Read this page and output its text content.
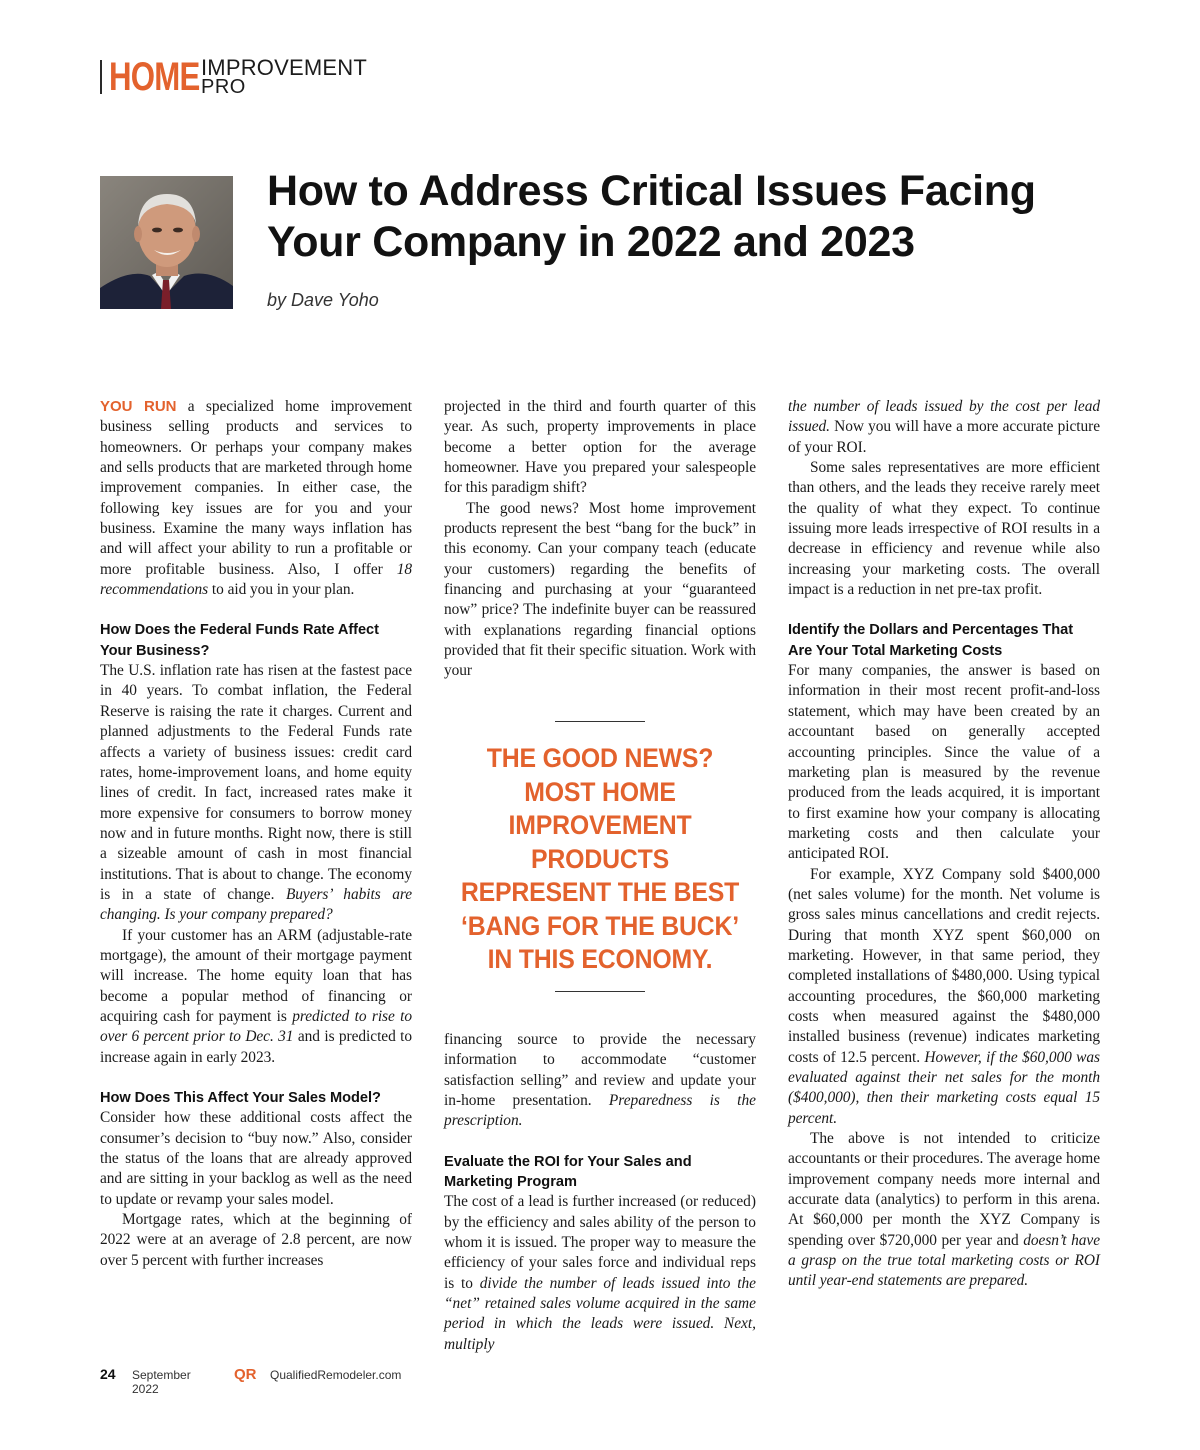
HOME IMPROVEMENT
PRO
How to Address Critical Issues Facing
Your Company in 2022 and 2023
by Dave Yoho

YOU RUN a specialized home improvement business selling products and services to homeowners. Or perhaps your company makes and sells products that are marketed through home improvement companies. In either case, the following key issues are for you and your business. Examine the many ways inflation has and will affect your ability to run a profitable or more profitable business. Also, I offer 18 recommendations to aid you in your plan.

How Does the Federal Funds Rate Affect Your Business?

The U.S. inflation rate has risen at the fastest pace in 40 years. To combat inflation, the Federal Reserve is raising the rate it charges. Current and planned adjustments to the Federal Funds rate affects a variety of business issues: credit card rates, home-improvement loans, and home equity lines of credit. In fact, increased rates make it more expensive for consumers to borrow money now and in future months. Right now, there is still a sizeable amount of cash in most financial institutions. That is about to change. The economy is in a state of change. Buyers’ habits are changing. Is your company prepared?

If your customer has an ARM (adjustable-rate mortgage), the amount of their mortgage payment will increase. The home equity loan that has become a popular method of financing or acquiring cash for payment is predicted to rise to over 6 percent prior to Dec. 31 and is predicted to increase again in early 2023.

How Does This Affect Your Sales Model?

Consider how these additional costs affect the consumer’s decision to “buy now.” Also, consider the status of the loans that are already approved and are sitting in your backlog as well as the need to update or revamp your sales model.

Mortgage rates, which at the beginning of 2022 were at an average of 2.8 percent, are now over 5 percent with further increases

projected in the third and fourth quarter of this year. As such, property improvements in place become a better option for the average homeowner. Have you prepared your salespeople for this paradigm shift?

The good news? Most home improvement products represent the best “bang for the buck” in this economy. Can your company teach (educate your customers) regarding the benefits of financing and purchasing at your “guaranteed now” price? The indefinite buyer can be reassured with explanations regarding financial options provided that fit their specific situation. Work with your

THE GOOD NEWS? MOST HOME IMPROVEMENT PRODUCTS REPRESENT THE BEST ‘BANG FOR THE BUCK’ IN THIS ECONOMY.

financing source to provide the necessary information to accommodate “customer satisfaction selling” and review and update your in-home presentation. Preparedness is the prescription.

Evaluate the ROI for Your Sales and Marketing Program

The cost of a lead is further increased (or reduced) by the efficiency and sales ability of the person to whom it is issued. The proper way to measure the efficiency of your sales force and individual reps is to divide the number of leads issued into the “net” retained sales volume acquired in the same period in which the leads were issued. Next, multiply

the number of leads issued by the cost per lead issued. Now you will have a more accurate picture of your ROI.

Some sales representatives are more efficient than others, and the leads they receive rarely meet the quality of what they expect. To continue issuing more leads irrespective of ROI results in a decrease in efficiency and revenue while also increasing your marketing costs. The overall impact is a reduction in net pre-tax profit.

Identify the Dollars and Percentages That Are Your Total Marketing Costs

For many companies, the answer is based on information in their most recent profit-and-loss statement, which may have been created by an accountant based on generally accepted accounting principles. Since the value of a marketing plan is measured by the revenue produced from the leads acquired, it is important to first examine how your company is allocating marketing costs and then calculate your anticipated ROI.

For example, XYZ Company sold $400,000 (net sales volume) for the month. Net volume is gross sales minus cancellations and credit rejects. During that month XYZ spent $60,000 on marketing. However, in that same period, they completed installations of $480,000. Using typical accounting procedures, the $60,000 marketing costs when measured against the $480,000 installed business (revenue) indicates marketing costs of 12.5 percent. However, if the $60,000 was evaluated against their net sales for the month ($400,000), then their marketing costs equal 15 percent.

The above is not intended to criticize accountants or their procedures. The average home improvement company needs more internal and accurate data (analytics) to perform in this arena. At $60,000 per month the XYZ Company is spending over $720,000 per year and doesn’t have a grasp on the true total marketing costs or ROI until year-end statements are prepared.

24 September 2022
QR QualifiedRemodeler.com
